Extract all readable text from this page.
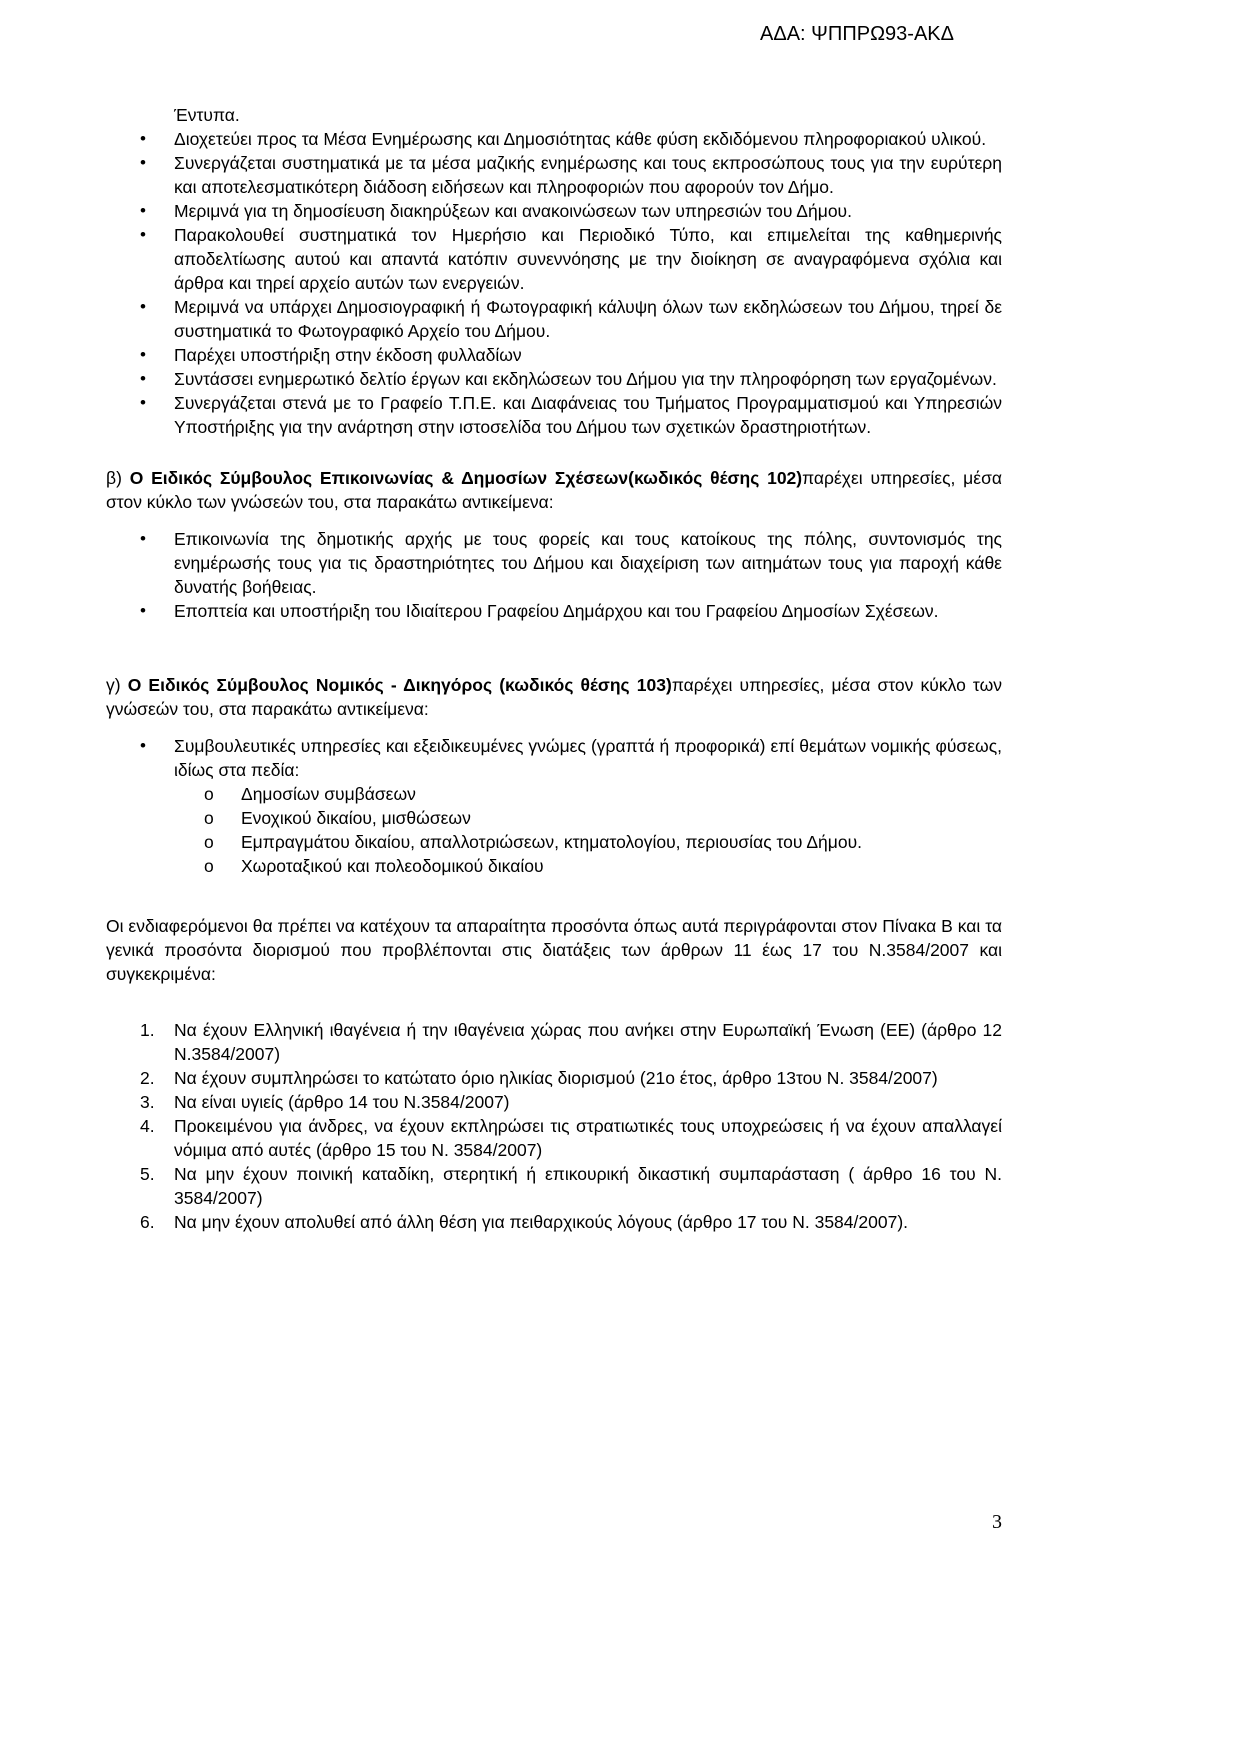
ΑΔΑ: ΨΠΠΡΩ93-ΑΚΔ
Έντυπα.
• Διοχετεύει προς τα Μέσα Ενημέρωσης και Δημοσιότητας κάθε φύση εκδιδόμενου πληροφοριακού υλικού.
• Συνεργάζεται συστηματικά με τα μέσα μαζικής ενημέρωσης και τους εκπροσώπους τους για την ευρύτερη και αποτελεσματικότερη διάδοση ειδήσεων και πληροφοριών που αφορούν τον Δήμο.
• Μεριμνά για τη δημοσίευση διακηρύξεων και ανακοινώσεων των υπηρεσιών του Δήμου.
• Παρακολουθεί συστηματικά τον Ημερήσιο και Περιοδικό Τύπο, και επιμελείται της καθημερινής αποδελτίωσης αυτού και απαντά κατόπιν συνεννόησης με την διοίκηση σε αναγραφόμενα σχόλια και άρθρα και τηρεί αρχείο αυτών των ενεργειών.
• Μεριμνά να υπάρχει Δημοσιογραφική ή Φωτογραφική κάλυψη όλων των εκδηλώσεων του Δήμου, τηρεί δε συστηματικά το Φωτογραφικό Αρχείο του Δήμου.
• Παρέχει υποστήριξη στην έκδοση φυλλαδίων
• Συντάσσει ενημερωτικό δελτίο έργων και εκδηλώσεων του Δήμου για την πληροφόρηση των εργαζομένων.
• Συνεργάζεται στενά με το Γραφείο Τ.Π.Ε. και Διαφάνειας του Τμήματος Προγραμματισμού και Υπηρεσιών Υποστήριξης για την ανάρτηση στην ιστοσελίδα του Δήμου των σχετικών δραστηριοτήτων.
β) Ο Ειδικός Σύμβουλος Επικοινωνίας & Δημοσίων Σχέσεων(κωδικός θέσης 102)παρέχει υπηρεσίες, μέσα στον κύκλο των γνώσεών του, στα παρακάτω αντικείμενα:
• Επικοινωνία της δημοτικής αρχής με τους φορείς και τους κατοίκους της πόλης, συντονισμός της ενημέρωσής τους για τις δραστηριότητες του Δήμου και διαχείριση των αιτημάτων τους για παροχή κάθε δυνατής βοήθειας.
• Εποπτεία και υποστήριξη του Ιδιαίτερου Γραφείου Δημάρχου και του Γραφείου Δημοσίων Σχέσεων.
γ) Ο Ειδικός Σύμβουλος Νομικός - Δικηγόρος (κωδικός θέσης 103)παρέχει υπηρεσίες, μέσα στον κύκλο των γνώσεών του, στα παρακάτω αντικείμενα:
• Συμβουλευτικές υπηρεσίες και εξειδικευμένες γνώμες (γραπτά ή προφορικά) επί θεμάτων νομικής φύσεως, ιδίως στα πεδία:
o Δημοσίων συμβάσεων
o Ενοχικού δικαίου, μισθώσεων
o Εμπραγμάτου δικαίου, απαλλοτριώσεων, κτηματολογίου, περιουσίας του Δήμου.
o Χωροταξικού και πολεοδομικού δικαίου
Οι ενδιαφερόμενοι θα πρέπει να κατέχουν τα απαραίτητα προσόντα όπως αυτά περιγράφονται στον Πίνακα Β και τα γενικά προσόντα διορισμού που προβλέπονται στις διατάξεις των άρθρων 11 έως 17 του Ν.3584/2007 και συγκεκριμένα:
1. Να έχουν Ελληνική ιθαγένεια ή την ιθαγένεια χώρας που ανήκει στην Ευρωπαϊκή Ένωση (ΕΕ) (άρθρο 12 Ν.3584/2007)
2. Να έχουν συμπληρώσει το κατώτατο όριο ηλικίας διορισμού (21ο έτος, άρθρο 13του Ν. 3584/2007)
3. Να είναι υγιείς (άρθρο 14 του Ν.3584/2007)
4. Προκειμένου για άνδρες, να έχουν εκπληρώσει τις στρατιωτικές τους υποχρεώσεις ή να έχουν απαλλαγεί νόμιμα από αυτές (άρθρο 15 του Ν. 3584/2007)
5. Να μην έχουν ποινική καταδίκη, στερητική ή επικουρική δικαστική συμπαράσταση ( άρθρο 16 του Ν. 3584/2007)
6. Να μην έχουν απολυθεί από άλλη θέση για πειθαρχικούς λόγους (άρθρο 17 του Ν. 3584/2007).
3
